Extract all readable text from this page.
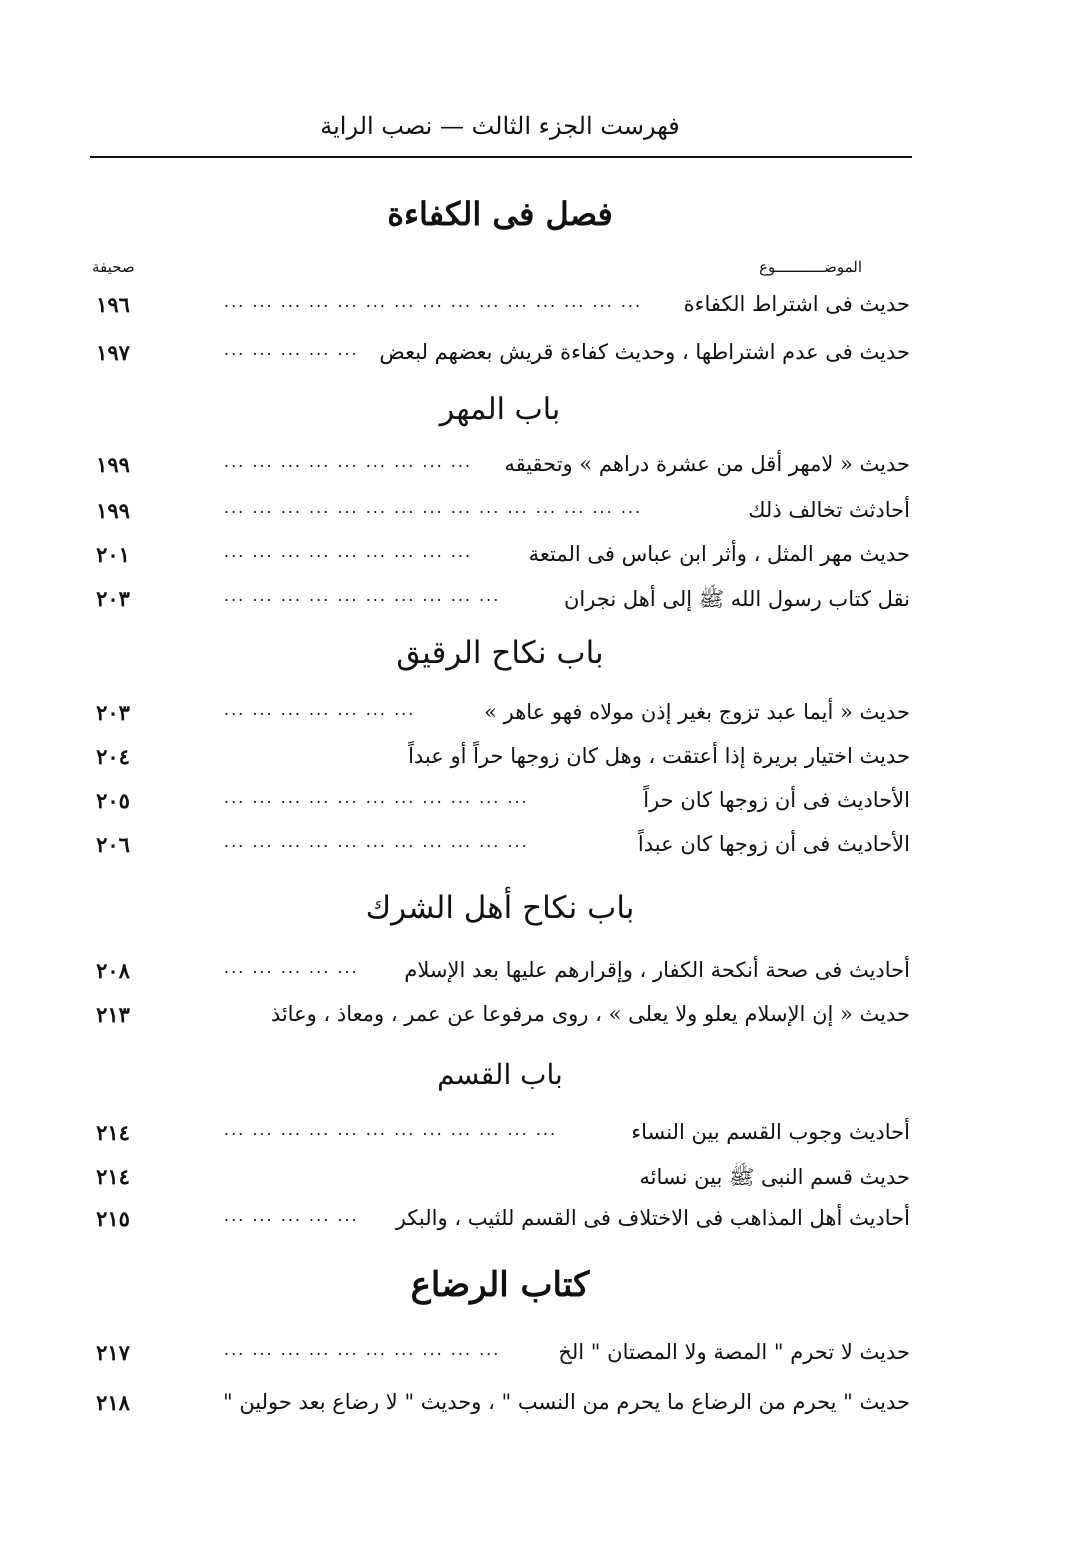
فهرست الجزء الثالث — نصب الراية
الموضـــــــــــوع
صحيفة
فصل فى الكفاءة
حديث فى اشتراط الكفاءة
... ... ... ... ... ... ... ... ... ... ... ... ... ... ...
١٩٦
حديث فى عدم اشتراطها ، وحديث كفاءة قريش بعضهم لبعض
... ... ... ... ...
١٩٧
باب المهر
حديث « لامهر أقل من عشرة دراهم » وتحقيقه
... ... ... ... ... ... ... ... ...
١٩٩
أحادثث تخالف ذلك
... ... ... ... ... ... ... ... ... ... ... ... ... ... ...
١٩٩
حديث مهر المثل ، وأثر ابن عباس فى المتعة
... ... ... ... ... ... ... ... ...
٢٠١
نقل كتاب رسول الله ﷺ إلى أهل نجران
... ... ... ... ... ... ... ... ... ...
٢٠٣
باب نكاح الرقيق
حديث « أيما عبد تزوج بغير إذن مولاه فهو عاهر »
... ... ... ... ... ... ...
٢٠٣
حديث اختيار بريرة إذا أعتقت ، وهل كان زوجها حراً أو عبداً
٢٠٤
الأحاديث فى أن زوجها كان حراً
... ... ... ... ... ... ... ... ... ... ...
٢٠٥
الأحاديث فى أن زوجها كان عبداً
... ... ... ... ... ... ... ... ... ... ...
٢٠٦
باب نكاح أهل الشرك
أحاديث فى صحة أنكحة الكفار ، وإقرارهم عليها بعد الإسلام
... ... ... ... ...
٢٠٨
حديث « إن الإسلام يعلو ولا يعلى » ، روى مرفوعا عن عمر ، ومعاذ ، وعائذ
٢١٣
باب القسم
أحاديث وجوب القسم بين النساء
... ... ... ... ... ... ... ... ... ... ... ...
٢١٤
حديث قسم النبى ﷺ بين نسائه
٢١٤
أحاديث أهل المذاهب فى الاختلاف فى القسم للثيب ، والبكر
... ... ... ... ...
٢١٥
كتاب الرضاع
حديث لا تحرم " المصة ولا المصتان " الخ
... ... ... ... ... ... ... ... ... ...
٢١٧
حديث " يحرم من الرضاع ما يحرم من النسب " ، وحديث " لا رضاع بعد حولين "
٢١٨
